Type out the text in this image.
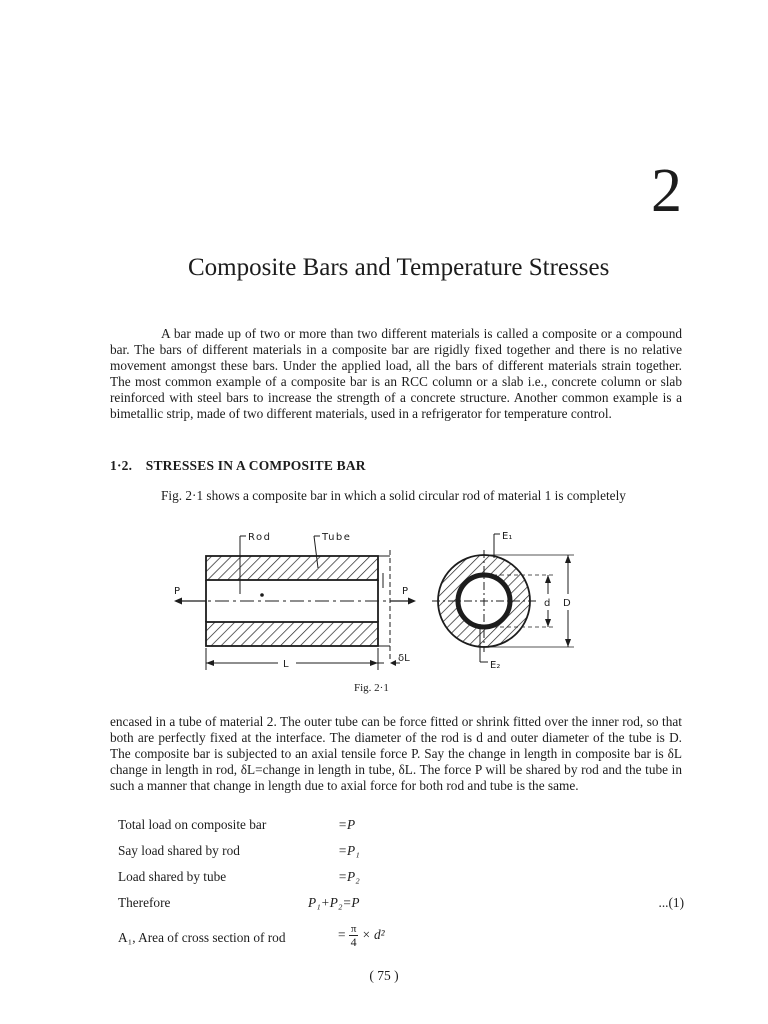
2
Composite Bars and Temperature Stresses

A bar made up of two or more than two different materials is called a composite or a compound bar. The bars of different materials in a composite bar are rigidly fixed together and there is no relative movement amongst these bars. Under the applied load, all the bars of different materials strain together. The most common example of a composite bar is an RCC column or a slab i.e., concrete column or slab reinforced with steel bars to increase the strength of a concrete structure. Another common example is a bimetallic strip, made of two different materials, used in a refrigerator for temperature control.

1·2. STRESSES IN A COMPOSITE BAR

Fig. 2·1 shows a composite bar in which a solid circular rod of material 1 is completely

Rod	Tube
P	P
L
δL
E₁
E₂
d D
Fig. 2·1

encased in a tube of material 2. The outer tube can be force fitted or shrink fitted over the inner rod, so that both are perfectly fixed at the interface. The diameter of the rod is d and outer diameter of the tube is D. The composite bar is subjected to an axial tensile force P. Say the change in length in composite bar is δL change in length in rod, δL=change in length in tube, δL. The force P will be shared by rod and the tube in such a manner that change in length due to axial force for both rod and tube is the same.

Total load on composite bar	=P
Say load shared by rod	=P₁
Load shared by tube	=P₂
Therefore	P₁+P₂=P	...(1)
A₁, Area of cross section of rod	= $\frac{\pi}{4} \times d^2$
( 75 )
